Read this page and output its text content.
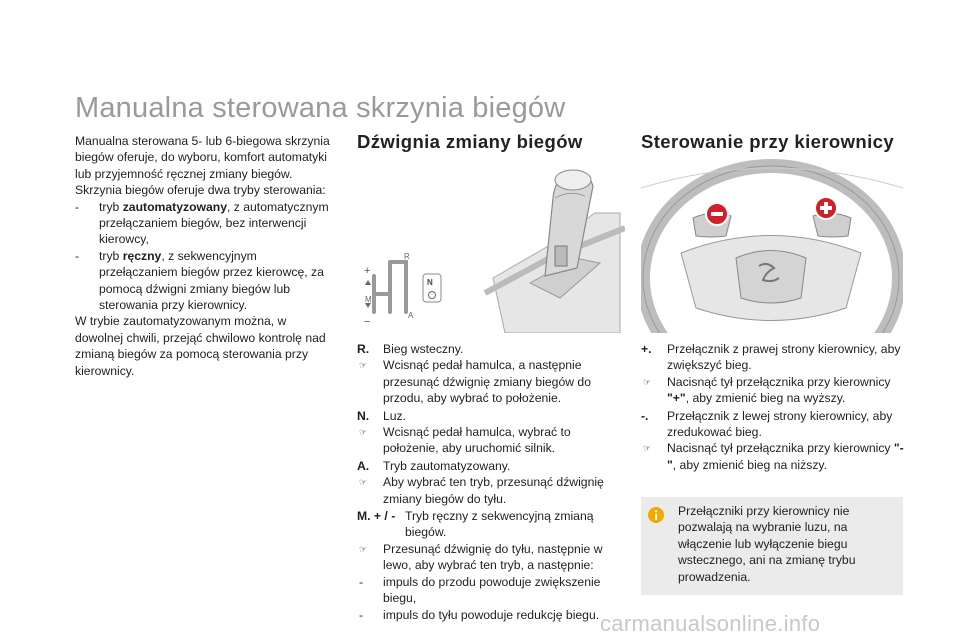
Manualna sterowana skrzynia biegów

Manualna sterowana 5- lub 6-biegowa skrzynia biegów oferuje, do wyboru, komfort automatyki lub przyjemność ręcznej zmiany biegów.

Skrzynia biegów oferuje dwa tryby sterowania:

-	tryb zautomatyzowany, z automatycznym przełączaniem biegów, bez interwencji kierowcy,
-	tryb ręczny, z sekwencyjnym przełączaniem biegów przez kierowcę, za pomocą dźwigni zmiany biegów lub sterowania przy kierownicy.

W trybie zautomatyzowanym można, w dowolnej chwili, przejąć chwilowo kontrolę nad zmianą biegów za pomocą sterowania przy kierownicy.

Dźwignia zmiany biegów
R
+
M
−
A
N
R. Bieg wsteczny.
☞ Wcisnąć pedał hamulca, a następnie przesunąć dźwignię zmiany biegów do przodu, aby wybrać to położenie.
N. Luz.
☞ Wcisnąć pedał hamulca, wybrać to położenie, aby uruchomić silnik.
A. Tryb zautomatyzowany.
☞ Aby wybrać ten tryb, przesunąć dźwignię zmiany biegów do tyłu.
M. + / - Tryb ręczny z sekwencyjną zmianą biegów.
☞ Przesunąć dźwignię do tyłu, następnie w lewo, aby wybrać ten tryb, a następnie:
- impuls do przodu powoduje zwiększenie biegu,
- impuls do tyłu powoduje redukcję biegu.
Sterowanie przy kierownicy
+. Przełącznik z prawej strony kierownicy, aby zwiększyć bieg.
☞ Nacisnąć tył przełącznika przy kierownicy "+", aby zmienić bieg na wyższy.
-. Przełącznik z lewej strony kierownicy, aby zredukować bieg.
☞ Nacisnąć tył przełącznika przy kierownicy "-", aby zmienić bieg na niższy.
Przełączniki przy kierownicy nie pozwalają na wybranie luzu, na włączenie lub wyłączenie biegu wstecznego, ani na zmianę trybu prowadzenia.
carmanualsonline.info
